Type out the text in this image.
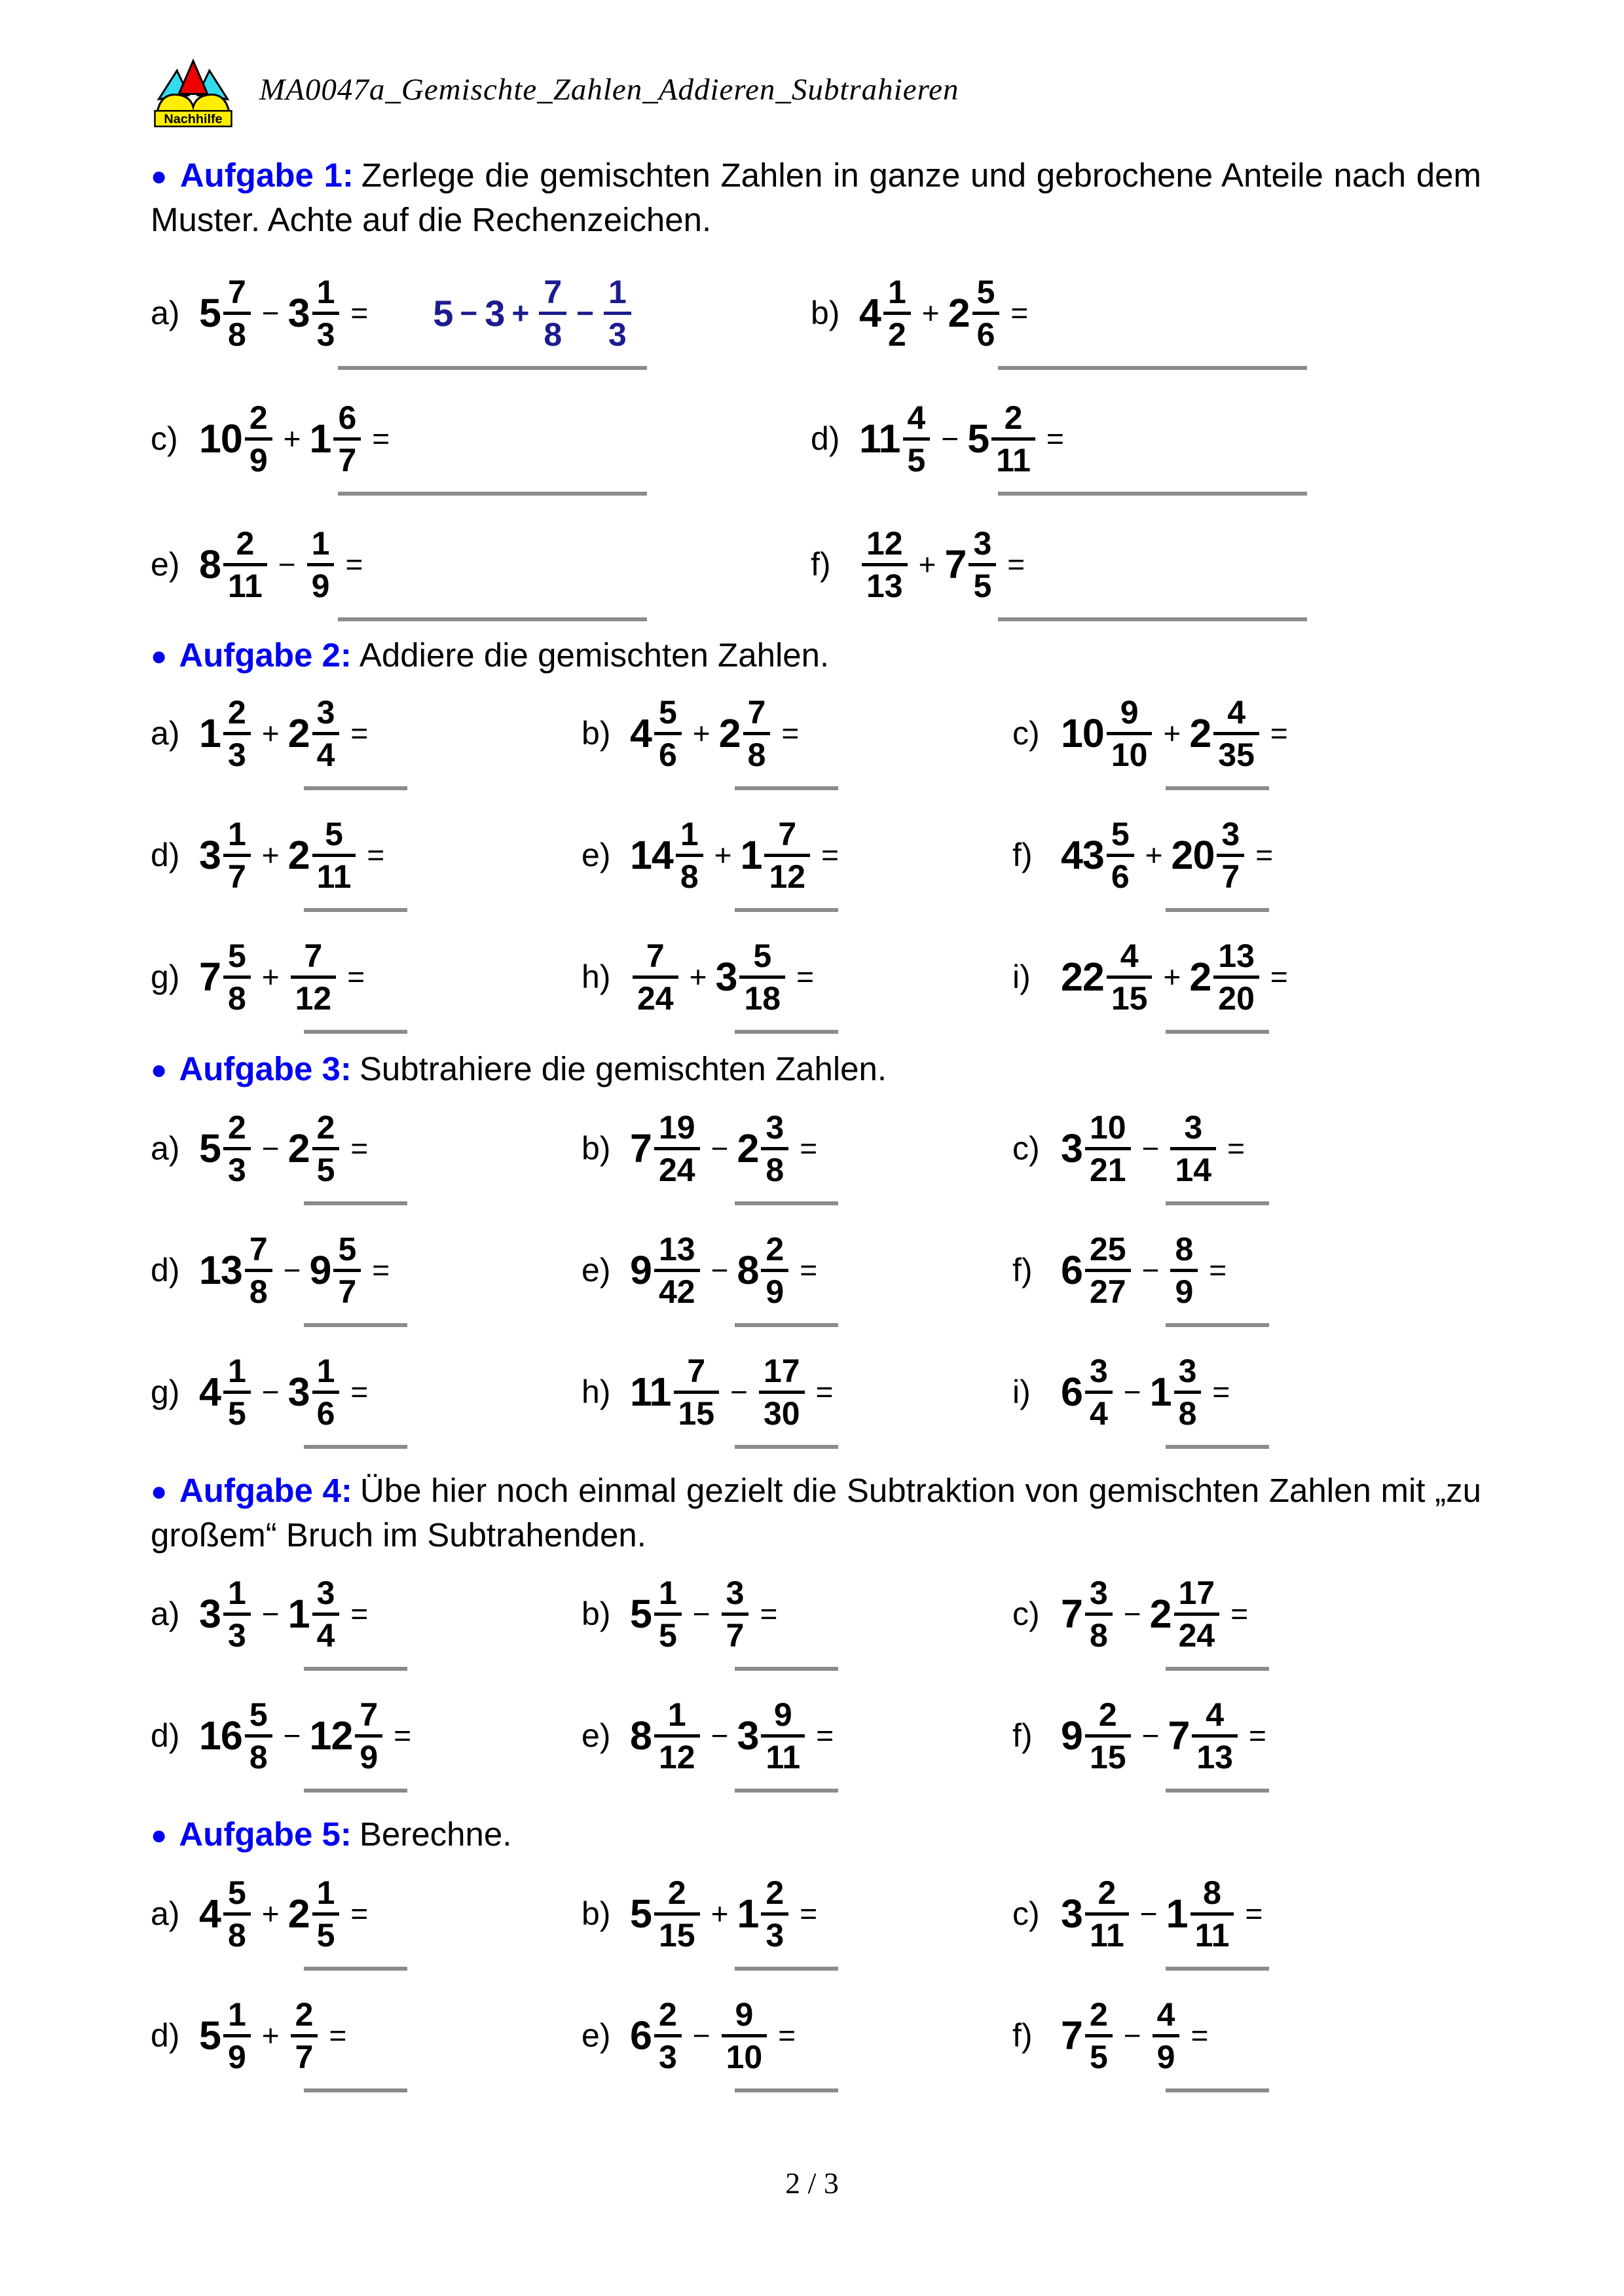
Nachhilfe
MA0047a_Gemischte_Zahlen_Addieren_Subtrahieren
● Aufgabe 1: Zerlege die gemischten Zahlen in ganze und gebrochene Anteile nach dem Muster. Achte auf die Rechenzeichen.
a) $5 \frac{7}{8} - 3 \frac{1}{3} = 5 - 3 + \frac{7}{8} - \frac{1}{3}$	b) $4 \frac{1}{2} + 2 \frac{5}{6}$ =
c) $10 \frac{2}{9} + 1 \frac{6}{7}$ =	d) $11 \frac{4}{5} - 5 \frac{2}{11}$ =
e) $8 \frac{2}{11} - \frac{1}{9}$ =	$f) \frac{12}{13} + 7 \frac{3}{5}$ =
● Aufgabe 2: Addiere die gemischten Zahlen.
a) $1 \frac{2}{3} + 2 \frac{3}{4}$ =	b) $4 \frac{5}{6} + 2 \frac{7}{8}$ =	c) $10 \frac{9}{10} + 2 \frac{4}{35}$ =
d) $3 \frac{1}{7} + 2 \frac{5}{11}$ =	e) $14 \frac{1}{8} + 1 \frac{7}{12}$ =	f) $43 \frac{5}{6} + 20 \frac{3}{7}$ =
g) $7 \frac{5}{8} + \frac{7}{12}$ =	$h) \frac{7}{24} + 3 \frac{5}{18}$ =	i) $22 \frac{4}{15} + 2 \frac{13}{20}$ =
● Aufgabe 3: Subtrahiere die gemischten Zahlen.
a) $5 \frac{2}{3} - 2 \frac{2}{5}$ =	b) $7 \frac{19}{24} - 2 \frac{3}{8}$ =	c) $3 \frac{10}{21} - \frac{3}{14}$ =
d) $13 \frac{7}{8} - 9 \frac{5}{7}$ =	e) $9 \frac{13}{42} - 8 \frac{2}{9}$ =	f) $6 \frac{25}{27} - \frac{8}{9}$ =
g) $4 \frac{1}{5} - 3 \frac{1}{6}$ =	h) $11 \frac{7}{15} - \frac{17}{30}$ =	i) $6 \frac{3}{4} - 1 \frac{3}{8}$ =
● Aufgabe 4: Übe hier noch einmal gezielt die Subtraktion von gemischten Zahlen mit „zu großem“ Bruch im Subtrahenden.
a) $3 \frac{1}{3} - 1 \frac{3}{4}$ =	b) $5 \frac{1}{5} - \frac{3}{7}$ =	c) $7 \frac{3}{8} - 2 \frac{17}{24}$ =
d) $16 \frac{5}{8} - 12 \frac{7}{9}$ =	e) $8 \frac{1}{12} - 3 \frac{9}{11}$ =	f) $9 \frac{2}{15} - 7 \frac{4}{13}$ =
● Aufgabe 5: Berechne.
a) $4 \frac{5}{8} + 2 \frac{1}{5}$ =	b) $5 \frac{2}{15} + 1 \frac{2}{3}$ =	c) $3 \frac{2}{11} - 1 \frac{8}{11}$ =
d) $5 \frac{1}{9} + \frac{2}{7}$ =	e) $6 \frac{2}{3} - \frac{9}{10}$ =	f) $7 \frac{2}{5} - \frac{4}{9}$ =
2 / 3
